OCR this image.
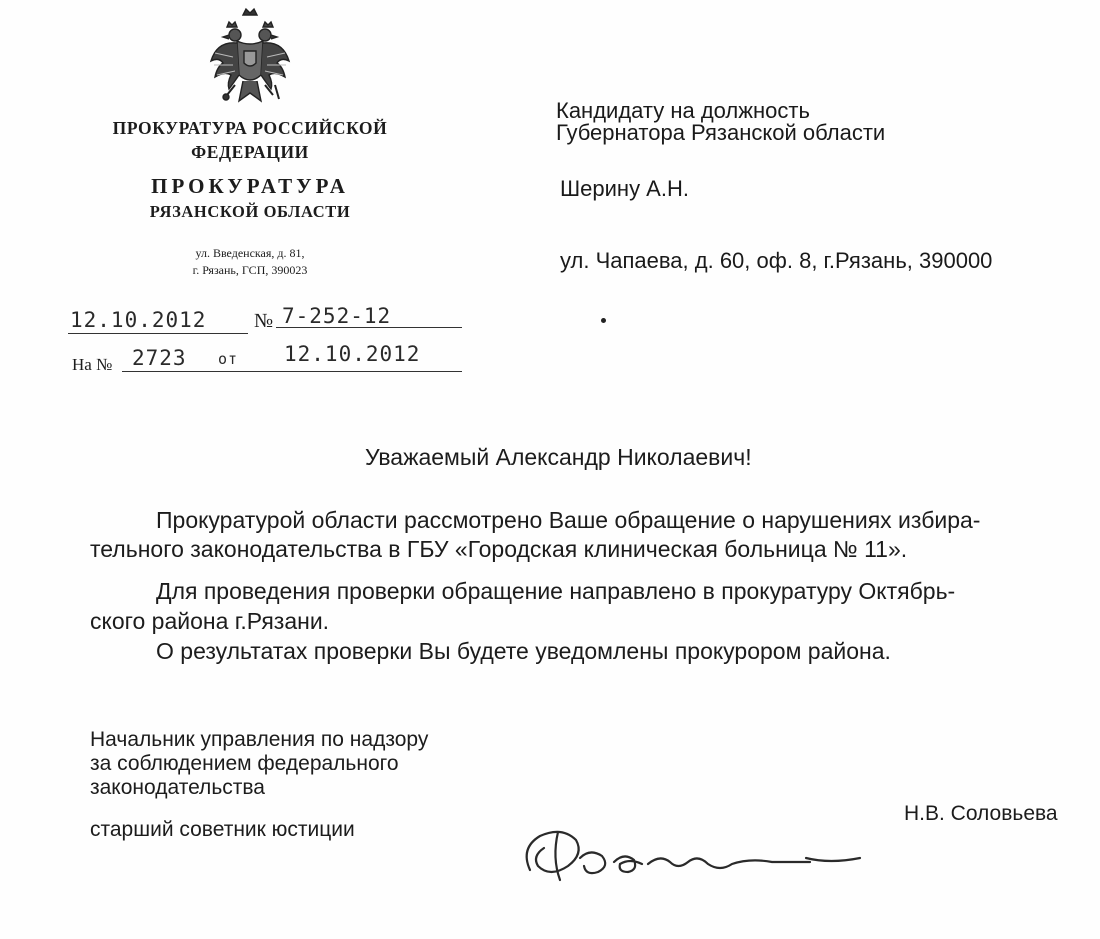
ПРОКУРАТУРА РОССИЙСКОЙ
ФЕДЕРАЦИИ
ПРОКУРАТУРА
РЯЗАНСКОЙ ОБЛАСТИ
ул. Введенская, д. 81,
г. Рязань, ГСП, 390023
12.10.2012 № 7-252-12
На № 2723 от 12.10.2012
Кандидату на должность
Губернатора Рязанской области
Шерину А.Н.
ул. Чапаева, д. 60, оф. 8, г.Рязань, 390000
Уважаемый Александр Николаевич!
Прокуратурой области рассмотрено Ваше обращение о нарушениях избира-
тельного законодательства в ГБУ «Городская клиническая больница № 11».
Для проведения проверки обращение направлено в прокуратуру Октябрь-
ского района г.Рязани.
О результатах проверки Вы будете уведомлены прокурором района.
Начальник управления по надзору
за соблюдением федерального
законодательства
старший советник юстиции
Н.В. Соловьева
